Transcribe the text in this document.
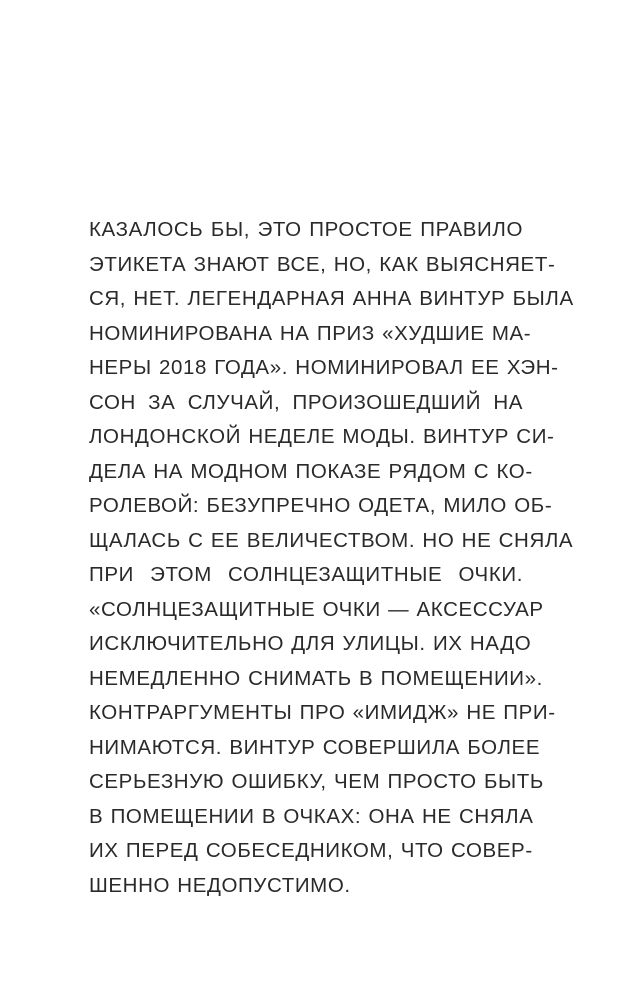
КАЗАЛОСЬ БЫ, ЭТО ПРОСТОЕ ПРАВИЛО
ЭТИКЕТА ЗНАЮТ ВСЕ, НО, КАК ВЫЯСНЯЕТ-
СЯ, НЕТ. ЛЕГЕНДАРНАЯ АННА ВИНТУР БЫЛА
НОМИНИРОВАНА НА ПРИЗ «ХУДШИЕ МА-
НЕРЫ 2018 ГОДА». НОМИНИРОВАЛ ЕЕ ХЭН-
СОН ЗА СЛУЧАЙ, ПРОИЗОШЕДШИЙ НА
ЛОНДОНСКОЙ НЕДЕЛЕ МОДЫ. ВИНТУР СИ-
ДЕЛА НА МОДНОМ ПОКАЗЕ РЯДОМ С КО-
РОЛЕВОЙ: БЕЗУПРЕЧНО ОДЕТА, МИЛО ОБ-
ЩАЛАСЬ С ЕЕ ВЕЛИЧЕСТВОМ. НО НЕ СНЯЛА
ПРИ ЭТОМ СОЛНЦЕЗАЩИТНЫЕ ОЧКИ.
«СОЛНЦЕЗАЩИТНЫЕ ОЧКИ — АКСЕССУАР
ИСКЛЮЧИТЕЛЬНО ДЛЯ УЛИЦЫ. ИХ НАДО
НЕМЕДЛЕННО СНИМАТЬ В ПОМЕЩЕНИИ».
КОНТРАРГУМЕНТЫ ПРО «ИМИДЖ» НЕ ПРИ-
НИМАЮТСЯ. ВИНТУР СОВЕРШИЛА БОЛЕЕ
СЕРЬЕЗНУЮ ОШИБКУ, ЧЕМ ПРОСТО БЫТЬ
В ПОМЕЩЕНИИ В ОЧКАХ: ОНА НЕ СНЯЛА
ИХ ПЕРЕД СОБЕСЕДНИКОМ, ЧТО СОВЕР-
ШЕННО НЕДОПУСТИМО.
